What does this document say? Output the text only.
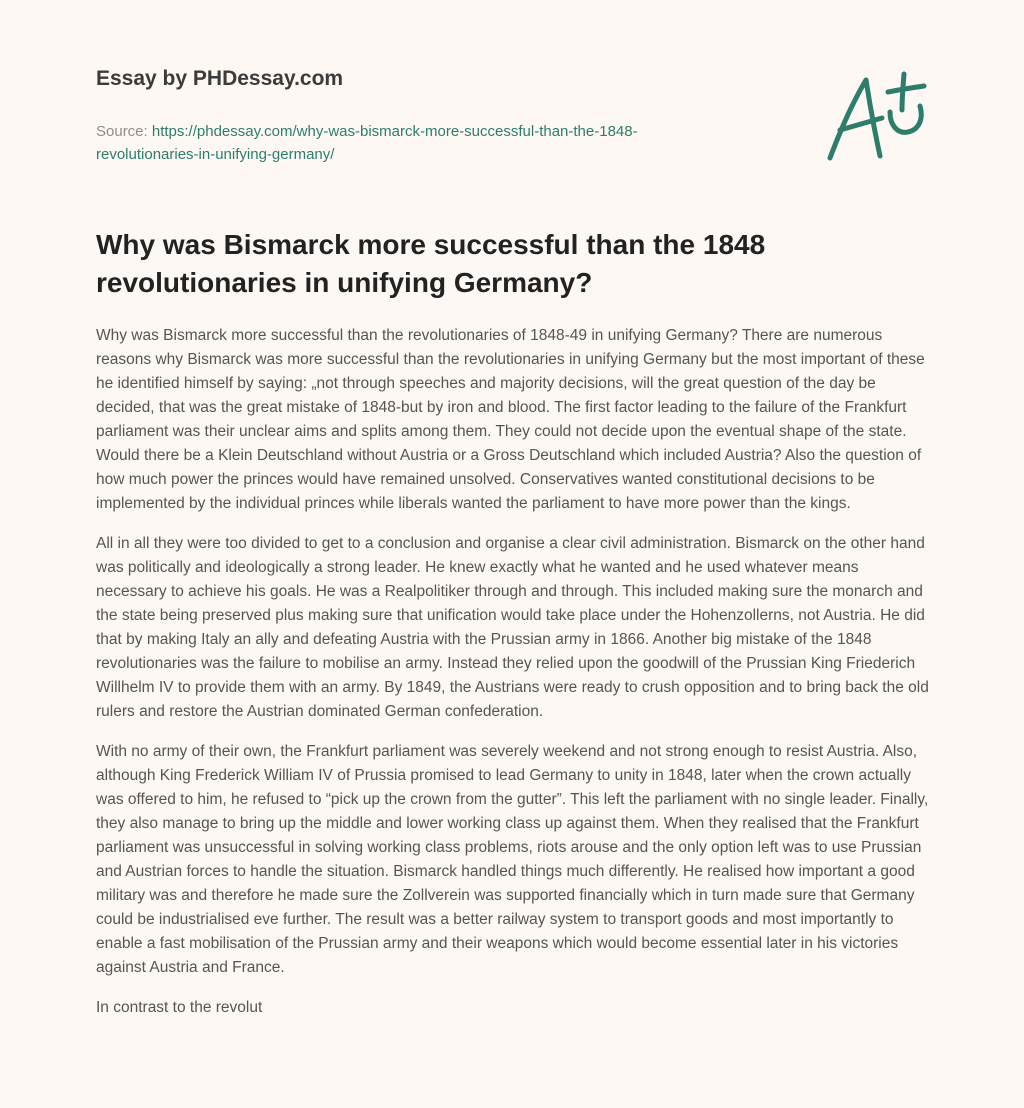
Essay by PHDessay.com
Source: https://phdessay.com/why-was-bismarck-more-successful-than-the-1848-
revolutionaries-in-unifying-germany/
Why was Bismarck more successful than the 1848 revolutionaries in unifying Germany?

Why was Bismarck more successful than the revolutionaries of 1848-49 in unifying Germany? There are numerous reasons why Bismarck was more successful than the revolutionaries in unifying Germany but the most important of these he identified himself by saying: „not through speeches and majority decisions, will the great question of the day be decided, that was the great mistake of 1848-but by iron and blood. The first factor leading to the failure of the Frankfurt parliament was their unclear aims and splits among them. They could not decide upon the eventual shape of the state. Would there be a Klein Deutschland without Austria or a Gross Deutschland which included Austria? Also the question of how much power the princes would have remained unsolved. Conservatives wanted constitutional decisions to be implemented by the individual princes while liberals wanted the parliament to have more power than the kings.

All in all they were too divided to get to a conclusion and organise a clear civil administration. Bismarck on the other hand was politically and ideologically a strong leader. He knew exactly what he wanted and he used whatever means necessary to achieve his goals. He was a Realpolitiker through and through. This included making sure the monarch and the state being preserved plus making sure that unification would take place under the Hohenzollerns, not Austria. He did that by making Italy an ally and defeating Austria with the Prussian army in 1866. Another big mistake of the 1848 revolutionaries was the failure to mobilise an army. Instead they relied upon the goodwill of the Prussian King Friederich Willhelm IV to provide them with an army. By 1849, the Austrians were ready to crush opposition and to bring back the old rulers and restore the Austrian dominated German confederation.

With no army of their own, the Frankfurt parliament was severely weekend and not strong enough to resist Austria. Also, although King Frederick William IV of Prussia promised to lead Germany to unity in 1848, later when the crown actually was offered to him, he refused to “pick up the crown from the gutter”. This left the parliament with no single leader. Finally, they also manage to bring up the middle and lower working class up against them. When they realised that the Frankfurt parliament was unsuccessful in solving working class problems, riots arouse and the only option left was to use Prussian and Austrian forces to handle the situation. Bismarck handled things much differently. He realised how important a good military was and therefore he made sure the Zollverein was supported financially which in turn made sure that Germany could be industrialised eve further. The result was a better railway system to transport goods and most importantly to enable a fast mobilisation of the Prussian army and their weapons which would become essential later in his victories against Austria and France.

In contrast to the revolut
